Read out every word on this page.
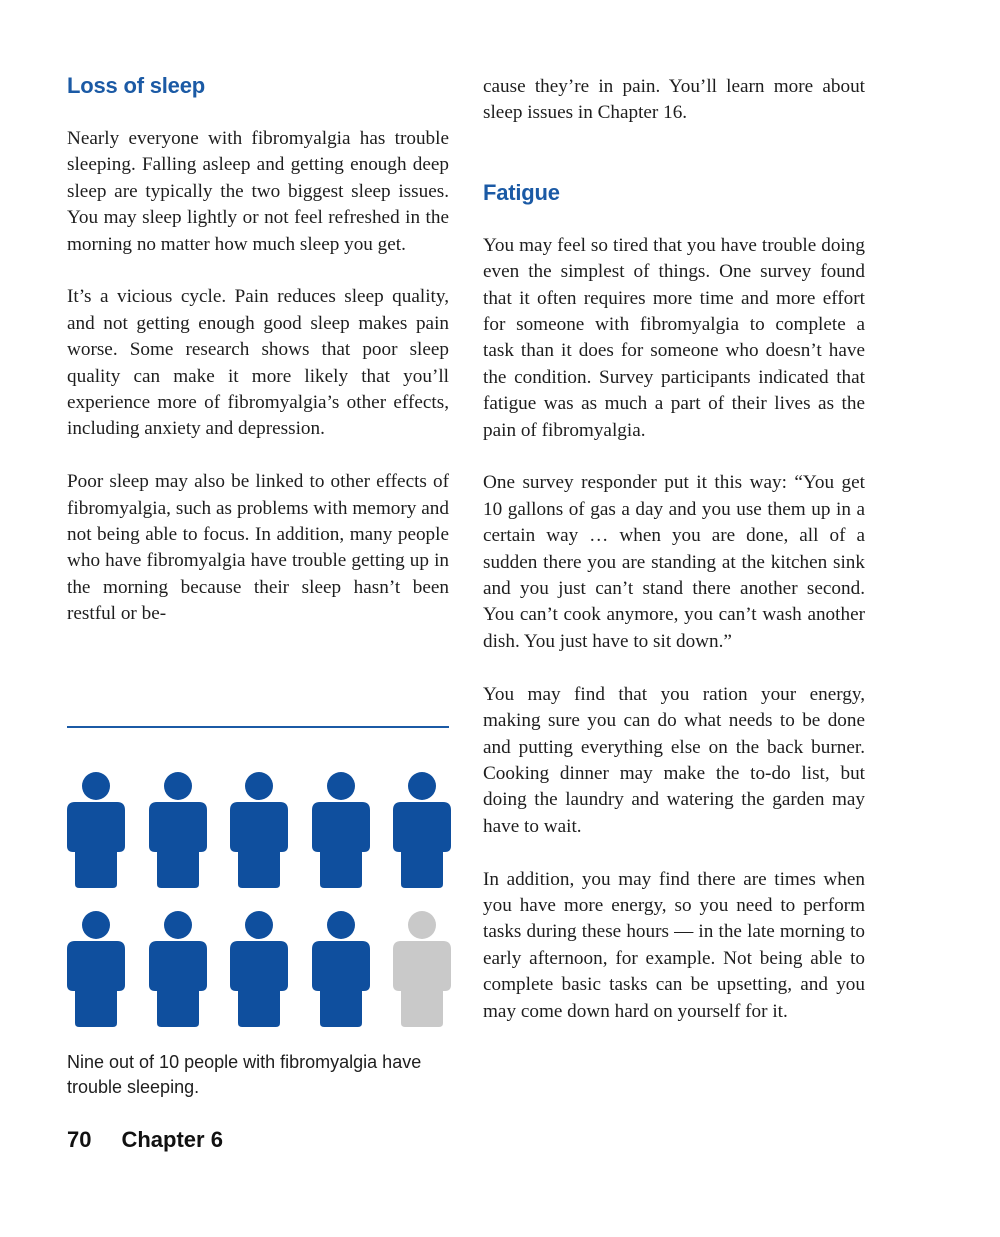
Loss of sleep

Nearly everyone with fibromyalgia has trouble sleeping. Falling asleep and getting enough deep sleep are typically the two biggest sleep issues. You may sleep lightly or not feel refreshed in the morning no matter how much sleep you get.

It’s a vicious cycle. Pain reduces sleep quality, and not getting enough good sleep makes pain worse. Some research shows that poor sleep quality can make it more likely that you’ll experience more of fibromyalgia’s other effects, including anxiety and depression.

Poor sleep may also be linked to other effects of fibromyalgia, such as problems with memory and not being able to focus. In addition, many people who have fibromyalgia have trouble getting up in the morning because their sleep hasn’t been restful or be-

cause they’re in pain. You’ll learn more about sleep issues in Chapter 16.

Fatigue

You may feel so tired that you have trouble doing even the simplest of things. One survey found that it often requires more time and more effort for someone with fibromyalgia to complete a task than it does for someone who doesn’t have the condition. Survey participants indicated that fatigue was as much a part of their lives as the pain of fibromyalgia.

One survey responder put it this way: “You get 10 gallons of gas a day and you use them up in a certain way … when you are done, all of a sudden there you are standing at the kitchen sink and you just can’t stand there another second. You can’t cook anymore, you can’t wash another dish. You just have to sit down.”

You may find that you ration your energy, making sure you can do what needs to be done and putting everything else on the back burner. Cooking dinner may make the to-do list, but doing the laundry and watering the garden may have to wait.

In addition, you may find there are times when you have more energy, so you need to perform tasks during these hours — in the late morning to early afternoon, for example. Not being able to complete basic tasks can be upsetting, and you may come down hard on yourself for it.

Nine out of 10 people with fibromyalgia have trouble sleeping.
70 Chapter 6
